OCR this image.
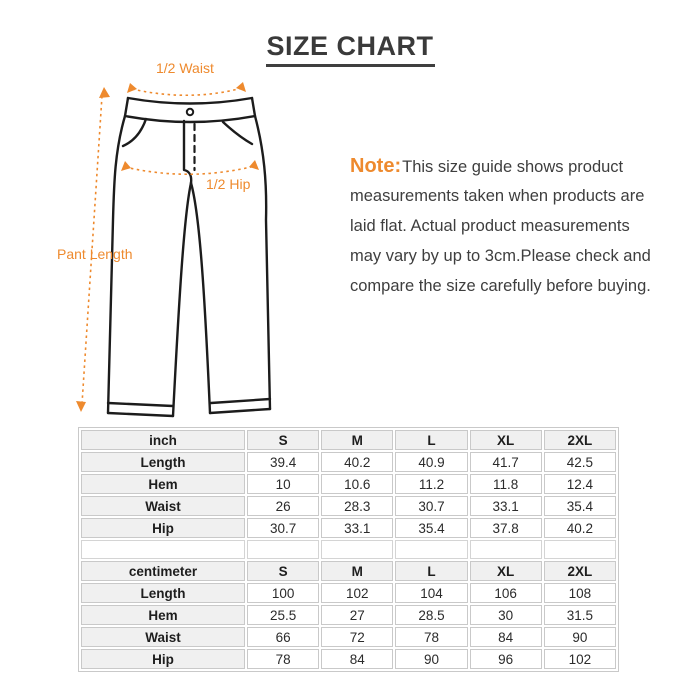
SIZE CHART
1/2 Waist
1/2 Hip
Pant Length
Note:This size guide shows product
measurements taken when products are
laid flat. Actual product measurements
may vary by up to 3cm.Please check and
compare the size carefully before buying.
inch	S	M	L	XL	2XL
Length	39.4	40.2	40.9	41.7	42.5
Hem	10	10.6	11.2	11.8	12.4
Waist	26	28.3	30.7	33.1	35.4
Hip	30.7	33.1	35.4	37.8	40.2

centimeter	S	M	L	XL	2XL
Length	100	102	104	106	108
Hem	25.5	27	28.5	30	31.5
Waist	66	72	78	84	90
Hip	78	84	90	96	102
